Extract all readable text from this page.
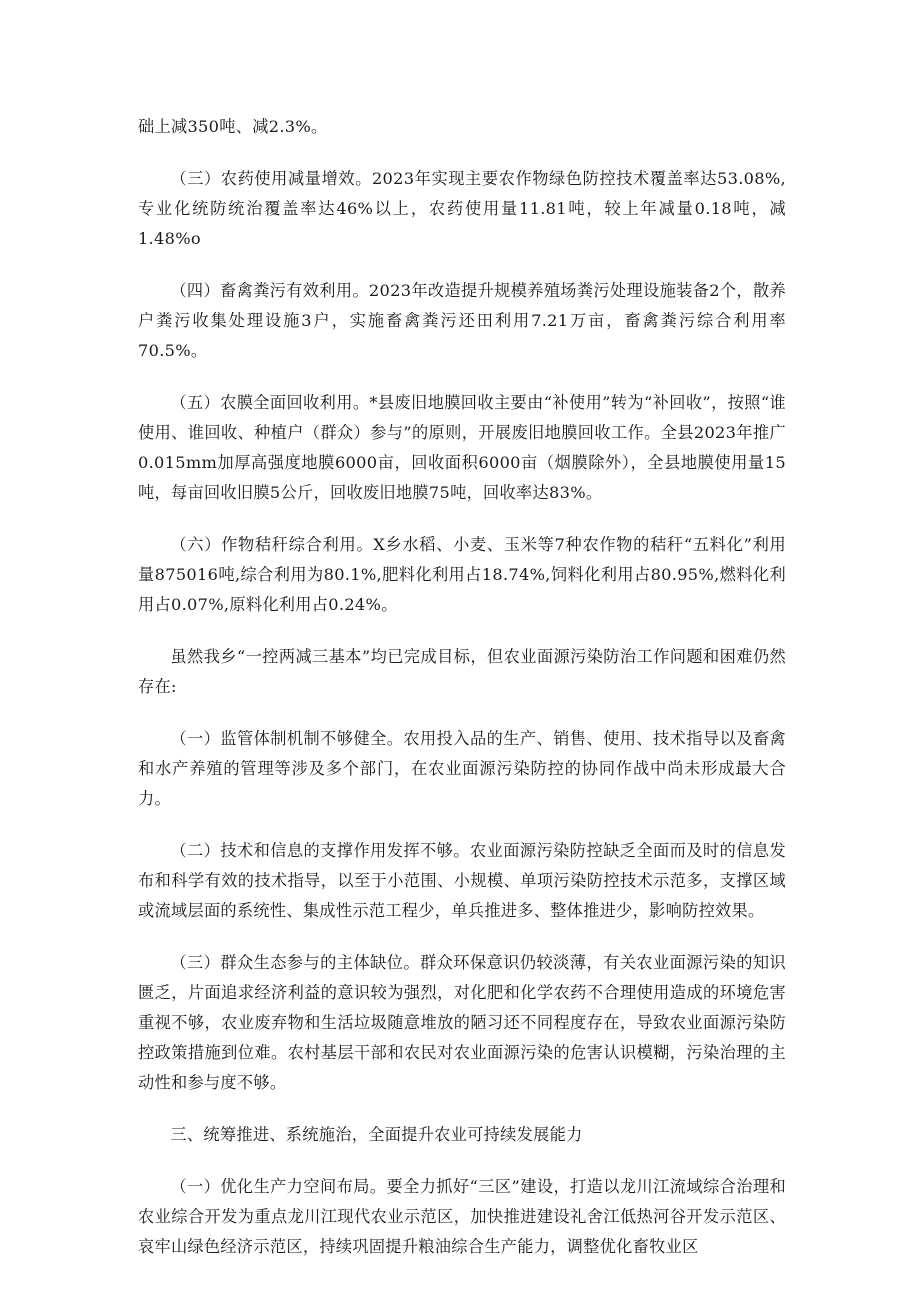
础上减350吨、减2.3%。

（三）农药使用减量增效。2023年实现主要农作物绿色防控技术覆盖率达53.08%,专业化统防统治覆盖率达46%以上，农药使用量11.81吨，较上年减量0.18吨，减1.48%o

（四）畜禽粪污有效利用。2023年改造提升规模养殖场粪污处理设施装备2个，散养户粪污收集处理设施3户，实施畜禽粪污还田利用7.21万亩，畜禽粪污综合利用率70.5%。

（五）农膜全面回收利用。*县废旧地膜回收主要由“补使用”转为“补回收”，按照“谁使用、谁回收、种植户（群众）参与”的原则，开展废旧地膜回收工作。全县2023年推广0.015mm加厚高强度地膜6000亩，回收面积6000亩（烟膜除外），全县地膜使用量15吨，每亩回收旧膜5公斤，回收废旧地膜75吨，回收率达83%。

（六）作物秸秆综合利用。X乡水稻、小麦、玉米等7种农作物的秸秆“五料化”利用量875016吨,综合利用为80.1%,肥料化利用占18.74%,饲料化利用占80.95%,燃料化利用占0.07%,原料化利用占0.24%。

虽然我乡“一控两减三基本”均已完成目标，但农业面源污染防治工作问题和困难仍然存在:

（一）监管体制机制不够健全。农用投入品的生产、销售、使用、技术指导以及畜禽和水产养殖的管理等涉及多个部门，在农业面源污染防控的协同作战中尚未形成最大合力。

（二）技术和信息的支撑作用发挥不够。农业面源污染防控缺乏全面而及时的信息发布和科学有效的技术指导，以至于小范围、小规模、单项污染防控技术示范多，支撑区域或流域层面的系统性、集成性示范工程少，单兵推进多、整体推进少，影响防控效果。

（三）群众生态参与的主体缺位。群众环保意识仍较淡薄，有关农业面源污染的知识匮乏，片面追求经济利益的意识较为强烈，对化肥和化学农药不合理使用造成的环境危害重视不够，农业废弃物和生活垃圾随意堆放的陋习还不同程度存在，导致农业面源污染防控政策措施到位难。农村基层干部和农民对农业面源污染的危害认识模糊，污染治理的主动性和参与度不够。

三、统筹推进、系统施治，全面提升农业可持续发展能力

（一）优化生产力空间布局。要全力抓好“三区”建设，打造以龙川江流域综合治理和农业综合开发为重点龙川江现代农业示范区，加快推进建设礼舍江低热河谷开发示范区、哀牢山绿色经济示范区，持续巩固提升粮油综合生产能力，调整优化畜牧业区
